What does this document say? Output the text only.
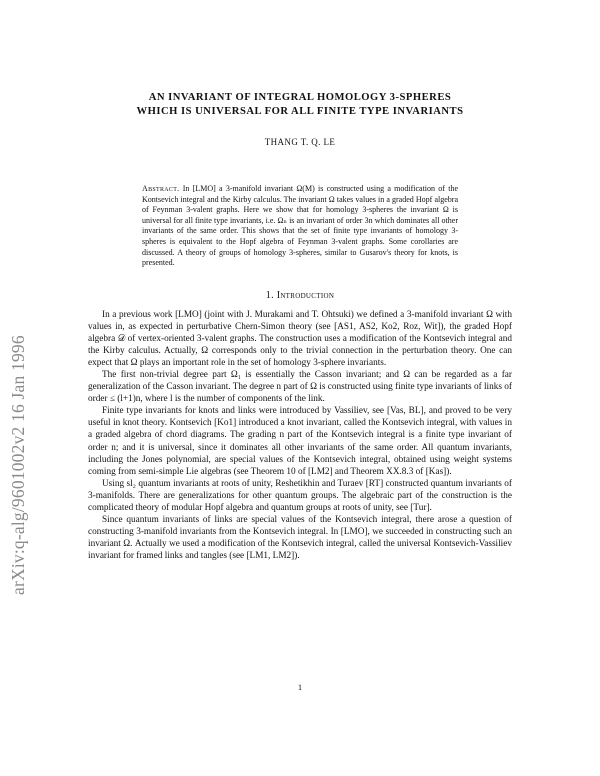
arXiv:q-alg/9601002v2 16 Jan 1996
AN INVARIANT OF INTEGRAL HOMOLOGY 3-SPHERES
WHICH IS UNIVERSAL FOR ALL FINITE TYPE INVARIANTS
THANG T. Q. LE
Abstract. In [LMO] a 3-manifold invariant Ω(M) is constructed using a modification of the Kontsevich integral and the Kirby calculus. The invariant Ω takes values in a graded Hopf algebra of Feynman 3-valent graphs. Here we show that for homology 3-spheres the invariant Ω is universal for all finite type invariants, i.e. Ωₙ is an invariant of order 3n which dominates all other invariants of the same order. This shows that the set of finite type invariants of homology 3-spheres is equivalent to the Hopf algebra of Feynman 3-valent graphs. Some corollaries are discussed. A theory of groups of homology 3-spheres, similar to Gusarov's theory for knots, is presented.
1. Introduction

In a previous work [LMO] (joint with J. Murakami and T. Ohtsuki) we defined a 3-manifold invariant Ω with values in, as expected in perturbative Chern-Simon theory (see [AS1, AS2, Ko2, Roz, Wit]), the graded Hopf algebra 𝒟 of vertex-oriented 3-valent graphs. The construction uses a modification of the Kontsevich integral and the Kirby calculus. Actually, Ω corresponds only to the trivial connection in the perturbation theory. One can expect that Ω plays an important role in the set of homology 3-sphere invariants.

The first non-trivial degree part Ω₁ is essentially the Casson invariant; and Ω can be regarded as a far generalization of the Casson invariant. The degree n part of Ω is constructed using finite type invariants of links of order ≤ (l+1)n, where l is the number of components of the link.

Finite type invariants for knots and links were introduced by Vassiliev, see [Vas, BL], and proved to be very useful in knot theory. Kontsevich [Ko1] introduced a knot invariant, called the Kontsevich integral, with values in a graded algebra of chord diagrams. The grading n part of the Kontsevich integral is a finite type invariant of order n; and it is universal, since it dominates all other invariants of the same order. All quantum invariants, including the Jones polynomial, are special values of the Kontsevich integral, obtained using weight systems coming from semi-simple Lie algebras (see Theorem 10 of [LM2] and Theorem XX.8.3 of [Kas]).

Using sl₂ quantum invariants at roots of unity, Reshetikhin and Turaev [RT] constructed quantum invariants of 3-manifolds. There are generalizations for other quantum groups. The algebraic part of the construction is the complicated theory of modular Hopf algebra and quantum groups at roots of unity, see [Tur].

Since quantum invariants of links are special values of the Kontsevich integral, there arose a question of constructing 3-manifold invariants from the Kontsevich integral. In [LMO], we succeeded in constructing such an invariant Ω. Actually we used a modification of the Kontsevich integral, called the universal Kontsevich-Vassiliev invariant for framed links and tangles (see [LM1, LM2]).

1
